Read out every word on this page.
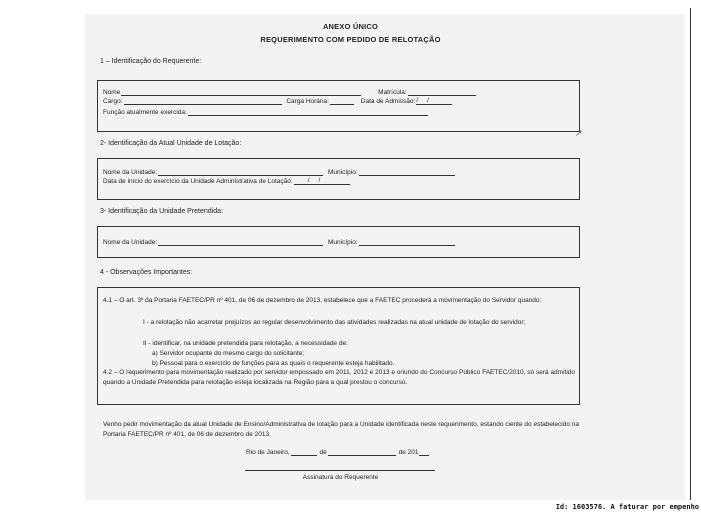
ANEXO ÚNICO
REQUERIMENTO COM PEDIDO DE RELOTAÇÃO
1 – Identificação do Requerente:
Nome	Matrícula:
Cargo:	Carga Horária:	Data de Admissão:/     /
Função atualmente exercida:
↗
2- Identificação da Atual Unidade de Lotação:
Nome da Unidade:	Município:
Data de início do exercício da Unidade Administrativa de Lotação: /     /
3- Identificação da Unidade Pretendida:
Nome da Unidade:	Município:
4 - Observações Importantes:
4.1 – O art. 3º da Portaria FAETEC/PR nº 401, de 06 de dezembro de 2013, estabelece que a FAETEC procederá a movimentação do Servidor quando:
I - a relotação não acarretar prejuízos ao regular desenvolvimento das atividades realizadas na atual unidade de lotação do servidor;
II - identificar, na unidade pretendida para relotação, a necessidade de:
a) Servidor ocupante do mesmo cargo do solicitante;
b) Pessoal para o exercício de funções para as quais o requerente esteja habilitado.
4.2 – O requerimento para movimentação realizado por servidor empossado em 2011, 2012 e 2013 e oriundo do Concurso Público FAETEC/2010, só será admitido quando a Unidade Pretendida para relotação esteja localizada na Região para a qual prestou o concurso.
Venho pedir movimentação da atual Unidade de Ensino/Administrativa de lotação para a Unidade identificada neste requerimento, estando ciente do estabelecido na Portaria FAETEC/PR nº 401, de 06 de dezembro de 2013.
Rio de Janeiro,	de	de 201
Assinatura do Requerente
Id: 1603576. A faturar por empenho
